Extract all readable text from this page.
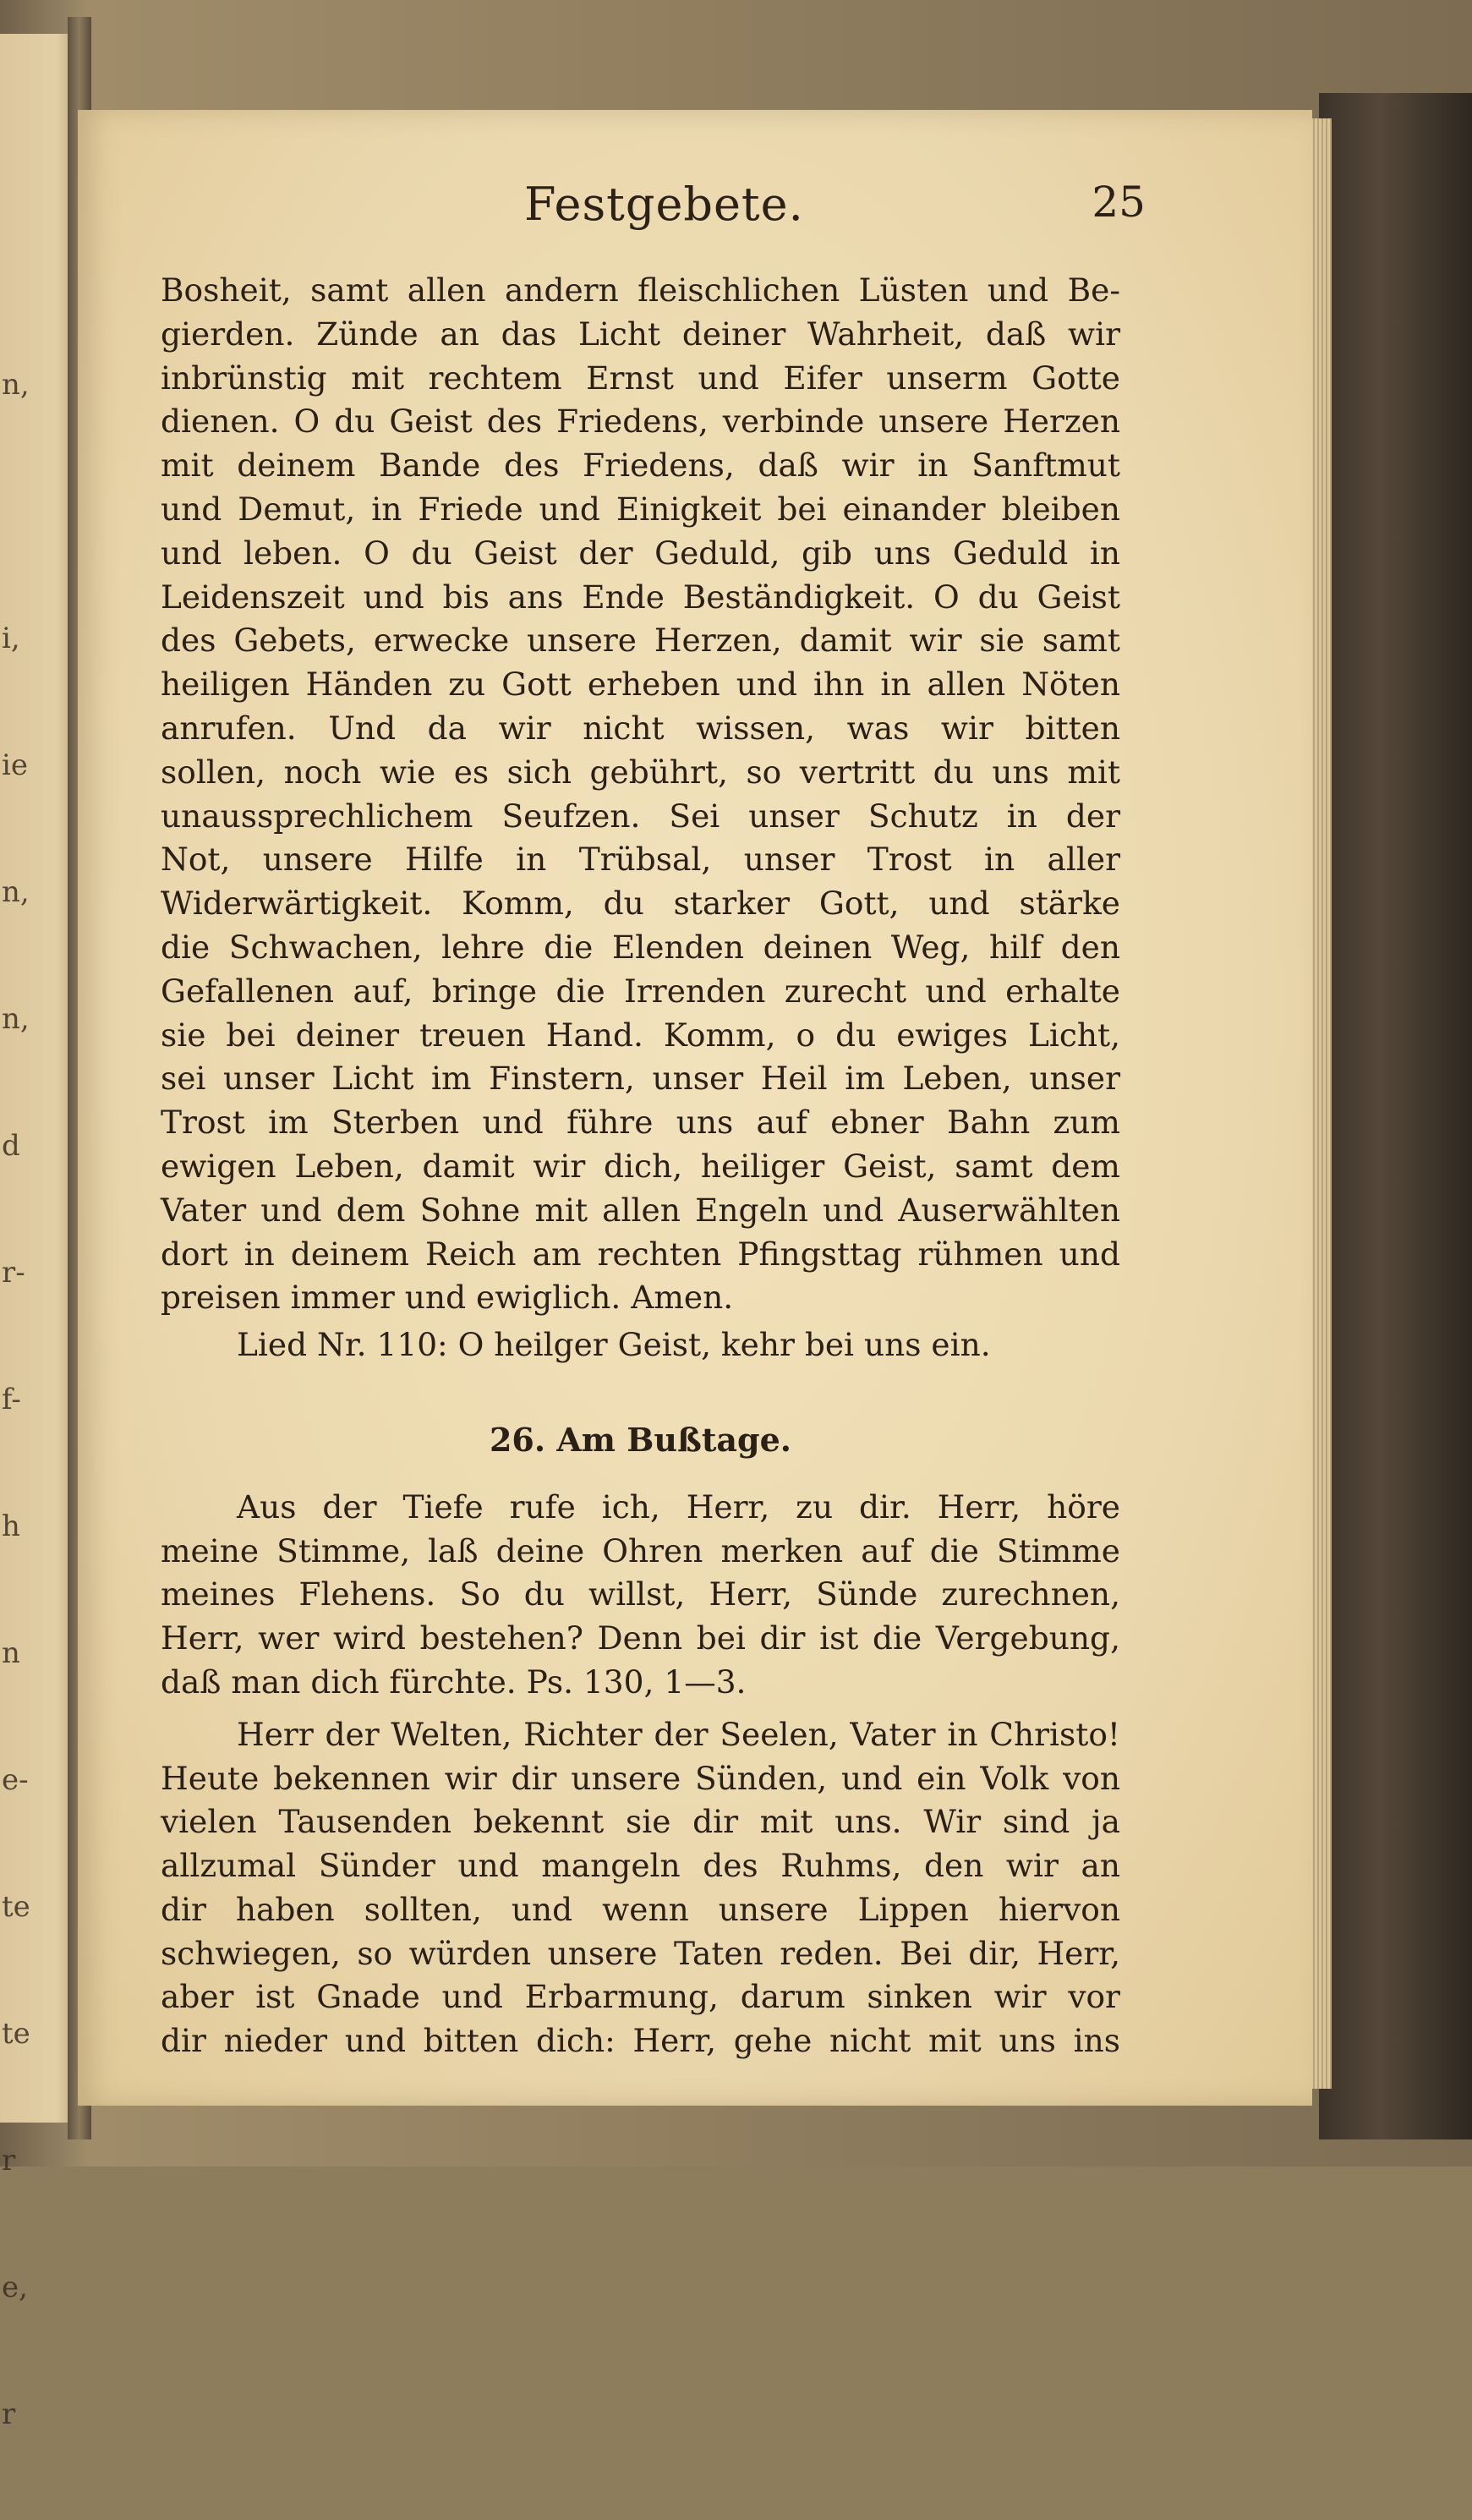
n,

i,

ie

n,

n,

d

r-

f-

h

n

e-

te

te

r

e,

r

Festgebete.	25
Bosheit, samt allen andern fleischlichen Lüsten und Be-
gierden. Zünde an das Licht deiner Wahrheit, daß wir
inbrünstig mit rechtem Ernst und Eifer unserm Gotte
dienen. O du Geist des Friedens, verbinde unsere Herzen
mit deinem Bande des Friedens, daß wir in Sanftmut
und Demut, in Friede und Einigkeit bei einander bleiben
und leben. O du Geist der Geduld, gib uns Geduld in
Leidenszeit und bis ans Ende Beständigkeit. O du Geist
des Gebets, erwecke unsere Herzen, damit wir sie samt
heiligen Händen zu Gott erheben und ihn in allen Nöten
anrufen. Und da wir nicht wissen, was wir bitten
sollen, noch wie es sich gebührt, so vertritt du uns mit
unaussprechlichem Seufzen. Sei unser Schutz in der
Not, unsere Hilfe in Trübsal, unser Trost in aller
Widerwärtigkeit. Komm, du starker Gott, und stärke
die Schwachen, lehre die Elenden deinen Weg, hilf den
Gefallenen auf, bringe die Irrenden zurecht und erhalte
sie bei deiner treuen Hand. Komm, o du ewiges Licht,
sei unser Licht im Finstern, unser Heil im Leben, unser
Trost im Sterben und führe uns auf ebner Bahn zum
ewigen Leben, damit wir dich, heiliger Geist, samt dem
Vater und dem Sohne mit allen Engeln und Auserwählten
dort in deinem Reich am rechten Pfingsttag rühmen und
preisen immer und ewiglich. Amen.
Lied Nr. 110: O heilger Geist, kehr bei uns ein.
26. Am Bußtage.
Aus der Tiefe rufe ich, Herr, zu dir. Herr, höre
meine Stimme, laß deine Ohren merken auf die Stimme
meines Flehens. So du willst, Herr, Sünde zurechnen,
Herr, wer wird bestehen? Denn bei dir ist die Vergebung,
daß man dich fürchte. Ps. 130, 1—3.
Herr der Welten, Richter der Seelen, Vater in Christo!
Heute bekennen wir dir unsere Sünden, und ein Volk von
vielen Tausenden bekennt sie dir mit uns. Wir sind ja
allzumal Sünder und mangeln des Ruhms, den wir an
dir haben sollten, und wenn unsere Lippen hiervon
schwiegen, so würden unsere Taten reden. Bei dir, Herr,
aber ist Gnade und Erbarmung, darum sinken wir vor
dir nieder und bitten dich: Herr, gehe nicht mit uns ins
